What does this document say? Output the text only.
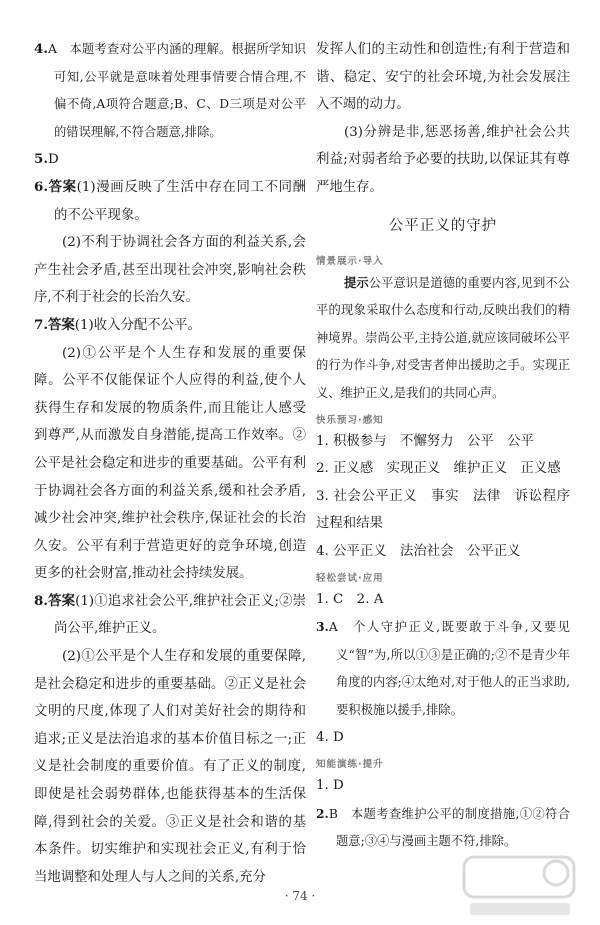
4.A　本题考查对公平内涵的理解。根据所学知识可知,公平就是意味着处理事情要合情合理,不偏不倚,A项符合题意;B、C、D三项是对公平的错误理解,不符合题意,排除。

5.D

6.答案(1)漫画反映了生活中存在同工不同酬的不公平现象。

(2)不利于协调社会各方面的利益关系,会产生社会矛盾,甚至出现社会冲突,影响社会秩序,不利于社会的长治久安。

7.答案(1)收入分配不公平。

(2)①公平是个人生存和发展的重要保障。公平不仅能保证个人应得的利益,使个人获得生存和发展的物质条件,而且能让人感受到尊严,从而激发自身潜能,提高工作效率。②公平是社会稳定和进步的重要基础。公平有利于协调社会各方面的利益关系,缓和社会矛盾,减少社会冲突,维护社会秩序,保证社会的长治久安。公平有利于营造更好的竞争环境,创造更多的社会财富,推动社会持续发展。

8.答案(1)①追求社会公平,维护社会正义;②崇尚公平,维护正义。

(2)①公平是个人生存和发展的重要保障,是社会稳定和进步的重要基础。②正义是社会文明的尺度,体现了人们对美好社会的期待和追求;正义是法治追求的基本价值目标之一;正义是社会制度的重要价值。有了正义的制度,即使是社会弱势群体,也能获得基本的生活保障,得到社会的关爱。③正义是社会和谐的基本条件。切实维护和实现社会正义,有利于恰当地调整和处理人与人之间的关系,充分

发挥人们的主动性和创造性;有利于营造和谐、稳定、安宁的社会环境,为社会发展注入不竭的动力。

(3)分辨是非,惩恶扬善,维护社会公共利益;对弱者给予必要的扶助,以保证其有尊严地生存。

公平正义的守护
情景展示·导入

提示公平意识是道德的重要内容,见到不公平的现象采取什么态度和行动,反映出我们的精神境界。崇尚公平,主持公道,就应该同破坏公平的行为作斗争,对受害者伸出援助之手。实现正义、维护正义,是我们的共同心声。

快乐预习·感知

1. 积极参与　不懈努力　公平　公平

2. 正义感　实现正义　维护正义　正义感

3. 社会公平正义　事实　法律　诉讼程序　过程和结果

4. 公平正义　法治社会　公平正义

轻松尝试·应用

1. C　2. A

3.A　个人守护正义,既要敢于斗争,又要见义“智”为,所以①③是正确的;②不是青少年角度的内容;④太绝对,对于他人的正当求助,要积极施以援手,排除。

4. D

知能演练·提升

1. D

2.B　本题考查维护公平的制度措施,①②符合题意;③④与漫画主题不符,排除。

· 74 ·
